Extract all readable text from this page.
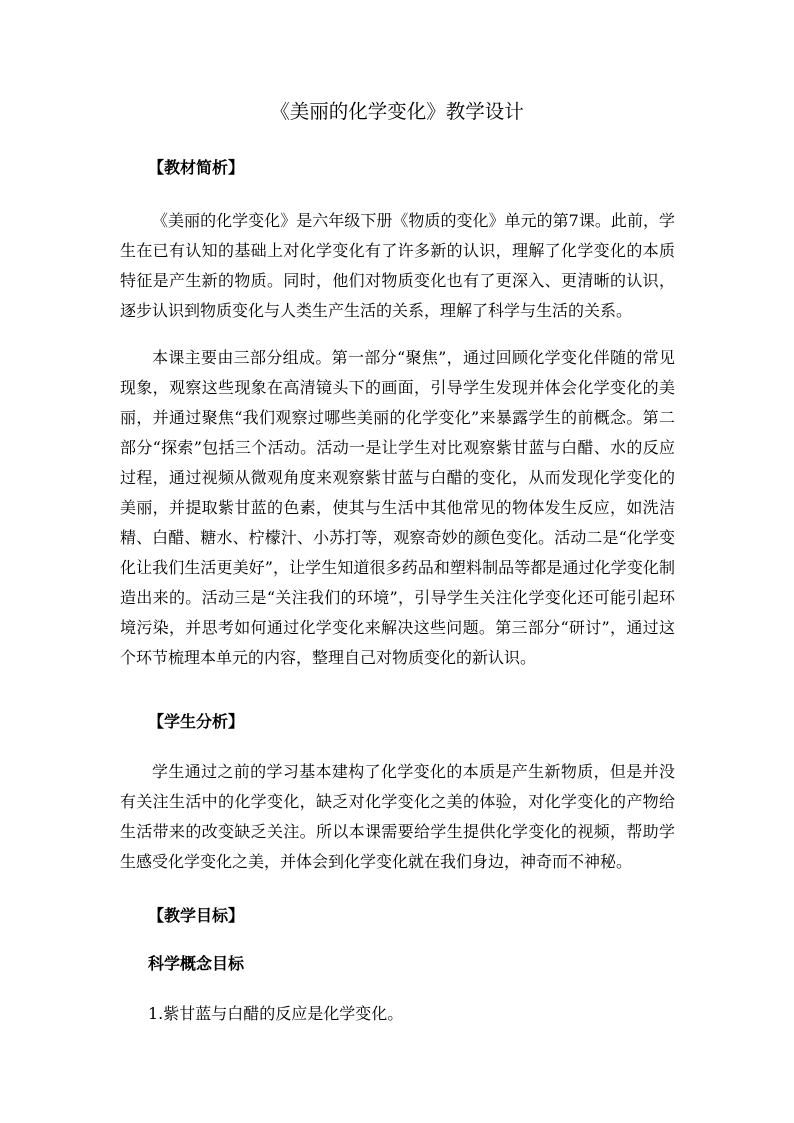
《美丽的化学变化》教学设计
【教材简析】

《美丽的化学变化》是六年级下册《物质的变化》单元的第7课。此前，学生在已有认知的基础上对化学变化有了许多新的认识，理解了化学变化的本质特征是产生新的物质。同时，他们对物质变化也有了更深入、更清晰的认识，逐步认识到物质变化与人类生产生活的关系，理解了科学与生活的关系。

本课主要由三部分组成。第一部分“聚焦”，通过回顾化学变化伴随的常见现象，观察这些现象在高清镜头下的画面，引导学生发现并体会化学变化的美丽，并通过聚焦“我们观察过哪些美丽的化学变化”来暴露学生的前概念。第二部分“探索”包括三个活动。活动一是让学生对比观察紫甘蓝与白醋、水的反应过程，通过视频从微观角度来观察紫甘蓝与白醋的变化，从而发现化学变化的美丽，并提取紫甘蓝的色素，使其与生活中其他常见的物体发生反应，如洗洁精、白醋、糖水、柠檬汁、小苏打等，观察奇妙的颜色变化。活动二是“化学变化让我们生活更美好”，让学生知道很多药品和塑料制品等都是通过化学变化制造出来的。活动三是“关注我们的环境”，引导学生关注化学变化还可能引起环境污染，并思考如何通过化学变化来解决这些问题。第三部分“研讨”，通过这个环节梳理本单元的内容，整理自己对物质变化的新认识。

【学生分析】

学生通过之前的学习基本建构了化学变化的本质是产生新物质，但是并没有关注生活中的化学变化，缺乏对化学变化之美的体验，对化学变化的产物给生活带来的改变缺乏关注。所以本课需要给学生提供化学变化的视频，帮助学生感受化学变化之美，并体会到化学变化就在我们身边，神奇而不神秘。

【教学目标】
科学概念目标

1.紫甘蓝与白醋的反应是化学变化。
